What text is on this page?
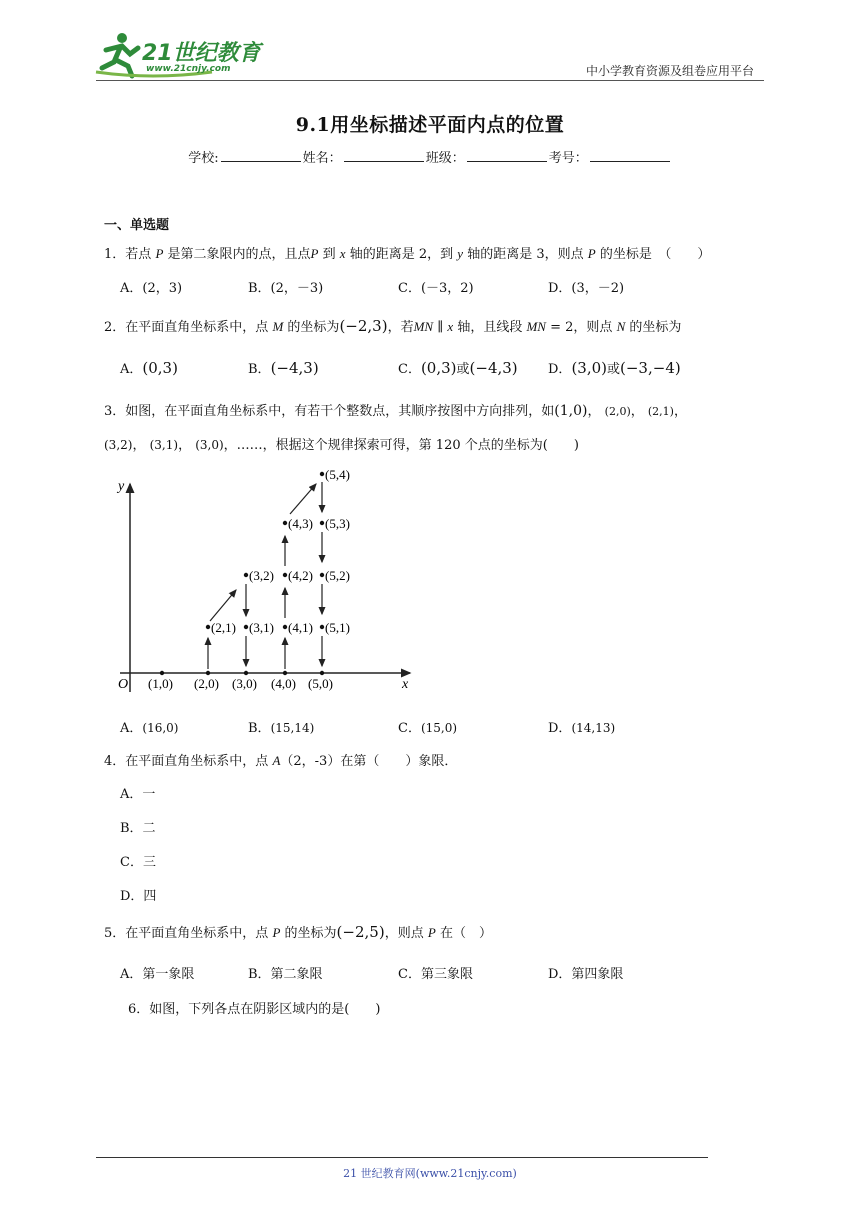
21世纪教育
www.21cnjy.com	中小学教育资源及组卷应用平台
9.1用坐标描述平面内点的位置
学校:	姓名：	班级：	考号：
一、单选题
1．若点 P 是第二象限内的点，且点P 到 x 轴的距离是 2，到 y 轴的距离是 3，则点 P 的坐标是　（　　）
A．(2，3)	B．(2，－3)	C．(－3，2)	D．(3，－2)
2．在平面直角坐标系中，点 M 的坐标为(−2,3)，若MN ∥ x 轴，且线段 MN = 2，则点 N 的坐标为
A．(0,3)	B．(−4,3)	C．(0,3)或(−4,3) D．(3,0)或(−3,−4)
3．如图，在平面直角坐标系中，有若干个整数点，其顺序按图中方向排列，如(1,0)， (2,0)， (2,1)，
(3,2)， (3,1)， (3,0)，……，根据这个规律探索可得，第 120 个点的坐标为(　　)
y
x
O (1,0) (2,0) (3,0) (4,0) (5,0)
(2,1) (3,1) (4,1) (5,1)
(3,2) (4,2) (5,2)
(4,3) (5,3)
(5,4)
A．(16,0)	B．(15,14)	C．(15,0)	D．(14,13)
4．在平面直角坐标系中，点 A（2，-3）在第（　　）象限．
A．一
B．二
C．三
D．四
5．在平面直角坐标系中，点 P 的坐标为(−2,5)，则点 P 在（　）
A．第一象限	B．第二象限	C．第三象限	D．第四象限
6．如图，下列各点在阴影区域内的是(　　)
21 世纪教育网(www.21cnjy.com)
